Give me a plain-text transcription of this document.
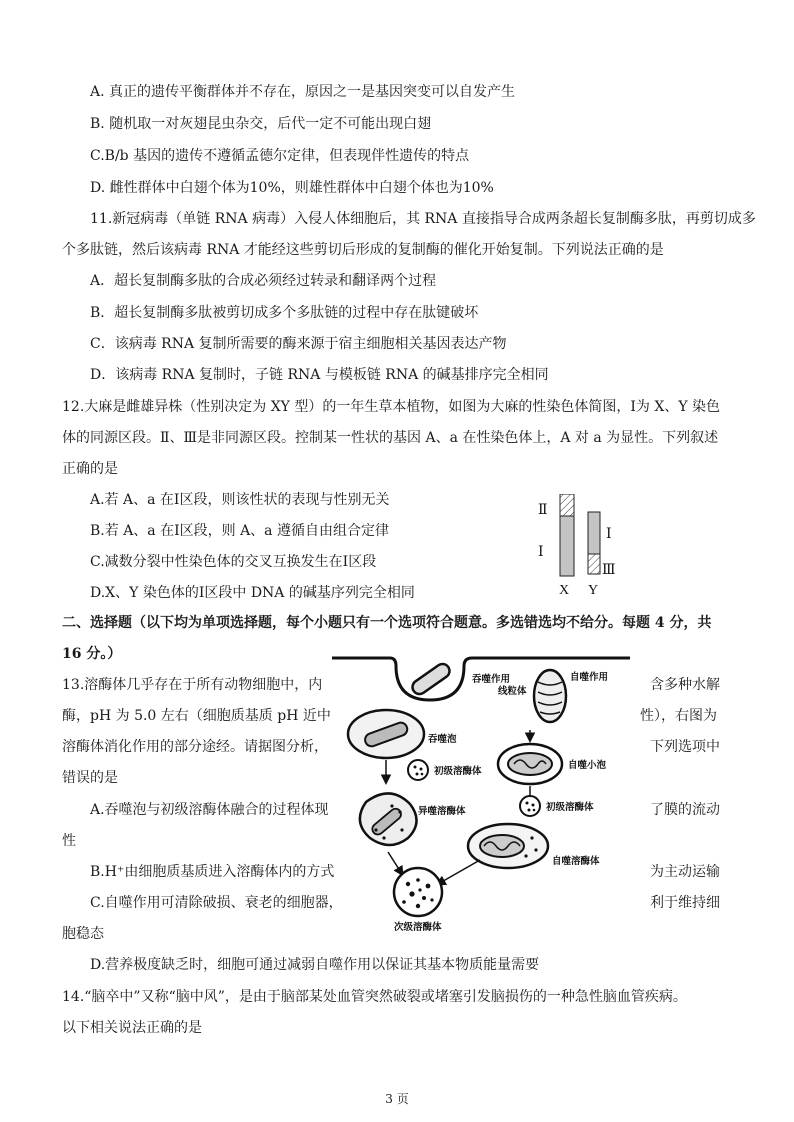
A. 真正的遗传平衡群体并不存在，原因之一是基因突变可以自发产生
B. 随机取一对灰翅昆虫杂交，后代一定不可能出现白翅
C.B/b 基因的遗传不遵循孟德尔定律，但表现伴性遗传的特点
D. 雌性群体中白翅个体为10%，则雄性群体中白翅个体也为10%
11.新冠病毒（单链 RNA 病毒）入侵人体细胞后，其 RNA 直接指导合成两条超长复制酶多肽，再剪切成多
个多肽链，然后该病毒 RNA 才能经这些剪切后形成的复制酶的催化开始复制。下列说法正确的是
A．超长复制酶多肽的合成必须经过转录和翻译两个过程
B．超长复制酶多肽被剪切成多个多肽链的过程中存在肽键破坏
C．该病毒 RNA 复制所需要的酶来源于宿主细胞相关基因表达产物
D．该病毒 RNA 复制时，子链 RNA 与模板链 RNA 的碱基排序完全相同
12.大麻是雌雄异株（性别决定为 XY 型）的一年生草本植物，如图为大麻的性染色体简图，Ⅰ为 X、Y 染色
体的同源区段。Ⅱ、Ⅲ是非同源区段。控制某一性状的基因 A、a 在性染色体上，A 对 a 为显性。下列叙述
正确的是
A.若 A、a 在Ⅰ区段，则该性状的表现与性别无关
B.若 A、a 在Ⅰ区段，则 A、a 遵循自由组合定律
C.减数分裂中性染色体的交叉互换发生在Ⅰ区段
D.X、Y 染色体的Ⅰ区段中 DNA 的碱基序列完全相同
Ⅱ
Ⅰ
Ⅰ
Ⅲ
X Y
二、选择题（以下均为单项选择题，每个小题只有一个选项符合题意。多选错选均不给分。每题 4 分，共
16 分。）
13.溶酶体几乎存在于所有动物细胞中，内	含多种水解
酶，pH 为 5.0 左右（细胞质基质 pH 近中	性），右图为
溶酶体消化作用的部分途经。请据图分析，	下列选项中
错误的是
A.吞噬泡与初级溶酶体融合的过程体现	了膜的流动
性
B.H⁺由细胞质基质进入溶酶体内的方式	为主动运输
C.自噬作用可清除破损、衰老的细胞器，	利于维持细
胞稳态
D.营养极度缺乏时，细胞可通过减弱自噬作用以保证其基本物质能量需要
吞噬作用	自噬作用
线粒体
吞噬泡
初级溶酶体
自噬小泡
异噬溶酶体	初级溶酶体
自噬溶酶体
次级溶酶体
14.“脑卒中”又称“脑中风”，是由于脑部某处血管突然破裂或堵塞引发脑损伤的一种急性脑血管疾病。
以下相关说法正确的是
3 页
